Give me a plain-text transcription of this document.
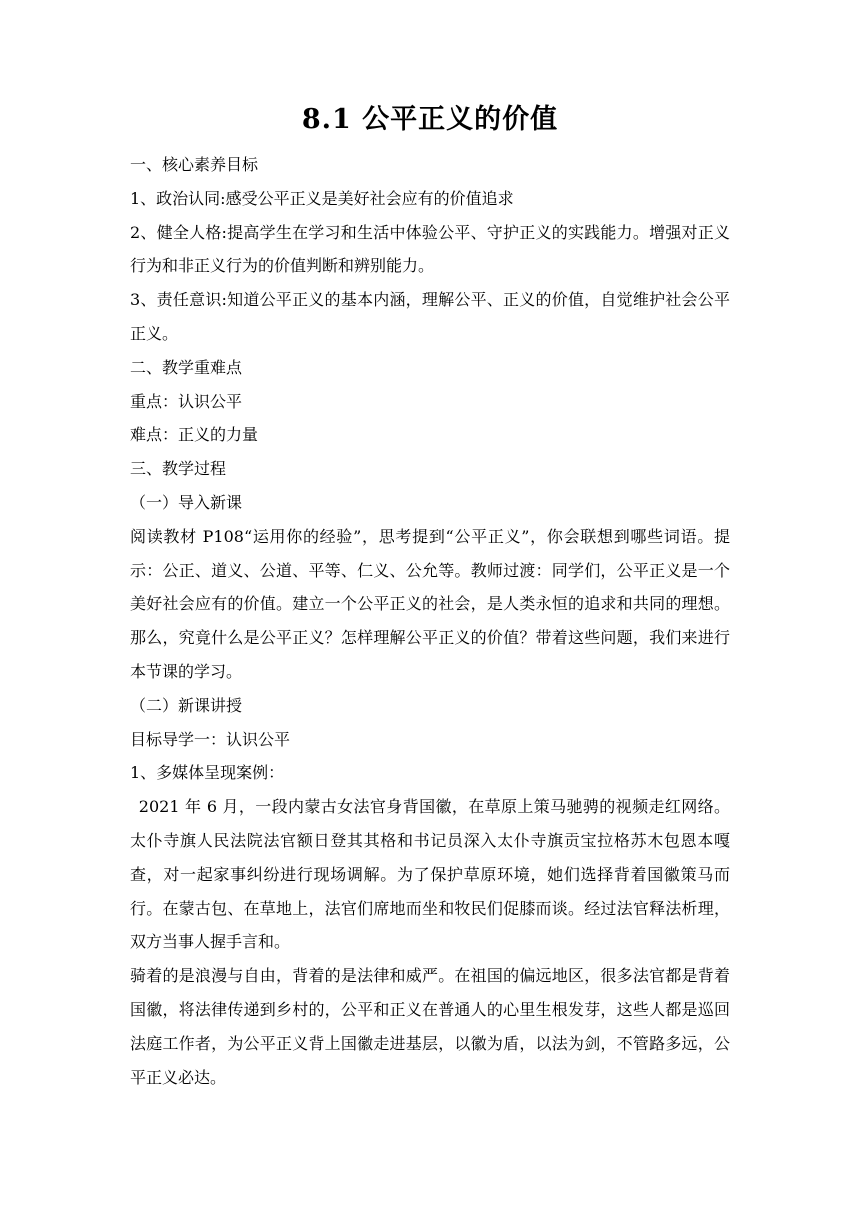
8.1 公平正义的价值

一、核心素养目标

1、政治认同:感受公平正义是美好社会应有的价值追求

2、健全人格:提高学生在学习和生活中体验公平、守护正义的实践能力。增强对正义行为和非正义行为的价值判断和辨别能力。

3、责任意识:知道公平正义的基本内涵，理解公平、正义的价值，自觉维护社会公平正义。

二、教学重难点

重点：认识公平

难点：正义的力量

三、教学过程

（一）导入新课

阅读教材 P108“运用你的经验”，思考提到“公平正义”，你会联想到哪些词语。提示：公正、道义、公道、平等、仁义、公允等。教师过渡：同学们，公平正义是一个美好社会应有的价值。建立一个公平正义的社会，是人类永恒的追求和共同的理想。那么，究竟什么是公平正义？怎样理解公平正义的价值？带着这些问题，我们来进行本节课的学习。

（二）新课讲授

目标导学一：认识公平

1、多媒体呈现案例：

2021 年 6 月，一段内蒙古女法官身背国徽，在草原上策马驰骋的视频走红网络。太仆寺旗人民法院法官额日登其其格和书记员深入太仆寺旗贡宝拉格苏木包恩本嘎查，对一起家事纠纷进行现场调解。为了保护草原环境，她们选择背着国徽策马而行。在蒙古包、在草地上，法官们席地而坐和牧民们促膝而谈。经过法官释法析理，双方当事人握手言和。

骑着的是浪漫与自由，背着的是法律和威严。在祖国的偏远地区，很多法官都是背着国徽，将法律传递到乡村的，公平和正义在普通人的心里生根发芽，这些人都是巡回法庭工作者，为公平正义背上国徽走进基层，以徽为盾，以法为剑，不管路多远，公平正义必达。
